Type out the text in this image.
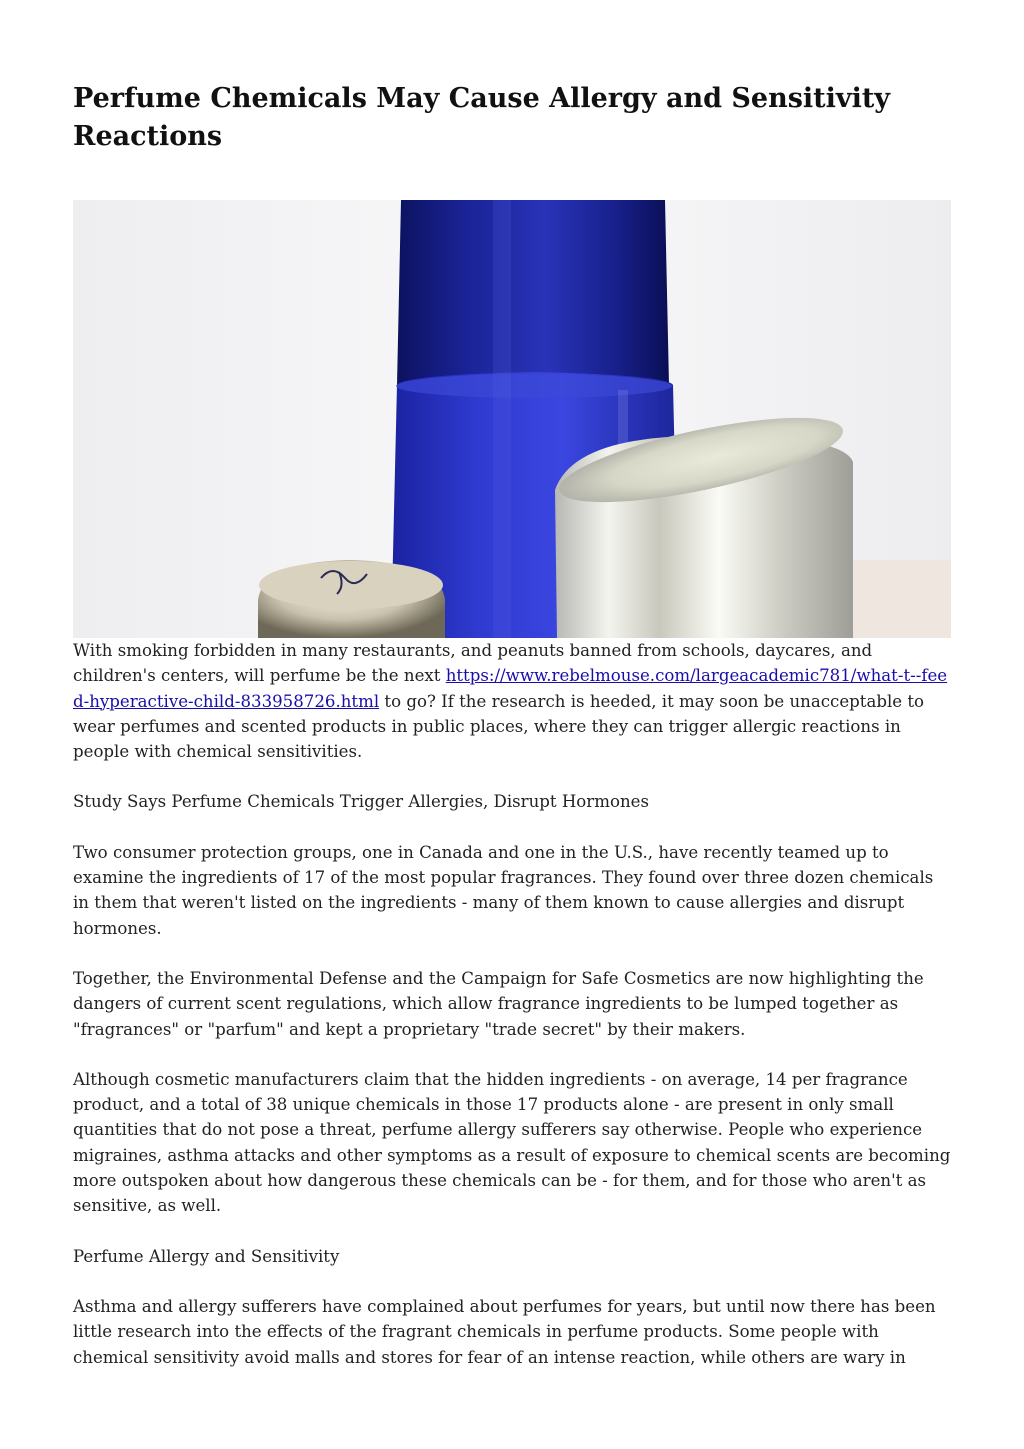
Perfume Chemicals May Cause Allergy and Sensitivity Reactions

With smoking forbidden in many restaurants, and peanuts banned from schools, daycares, and children's centers, will perfume be the next https://www.rebelmouse.com/largeacademic781/what-t--feed-hyperactive-child-833958726.html to go? If the research is heeded, it may soon be unacceptable to wear perfumes and scented products in public places, where they can trigger allergic reactions in people with chemical sensitivities.

Study Says Perfume Chemicals Trigger Allergies, Disrupt Hormones

Two consumer protection groups, one in Canada and one in the U.S., have recently teamed up to examine the ingredients of 17 of the most popular fragrances. They found over three dozen chemicals in them that weren't listed on the ingredients - many of them known to cause allergies and disrupt hormones.

Together, the Environmental Defense and the Campaign for Safe Cosmetics are now highlighting the dangers of current scent regulations, which allow fragrance ingredients to be lumped together as "fragrances" or "parfum" and kept a proprietary "trade secret" by their makers.

Although cosmetic manufacturers claim that the hidden ingredients - on average, 14 per fragrance product, and a total of 38 unique chemicals in those 17 products alone - are present in only small quantities that do not pose a threat, perfume allergy sufferers say otherwise. People who experience migraines, asthma attacks and other symptoms as a result of exposure to chemical scents are becoming more outspoken about how dangerous these chemicals can be - for them, and for those who aren't as sensitive, as well.

Perfume Allergy and Sensitivity

Asthma and allergy sufferers have complained about perfumes for years, but until now there has been little research into the effects of the fragrant chemicals in perfume products. Some people with chemical sensitivity avoid malls and stores for fear of an intense reaction, while others are wary in
